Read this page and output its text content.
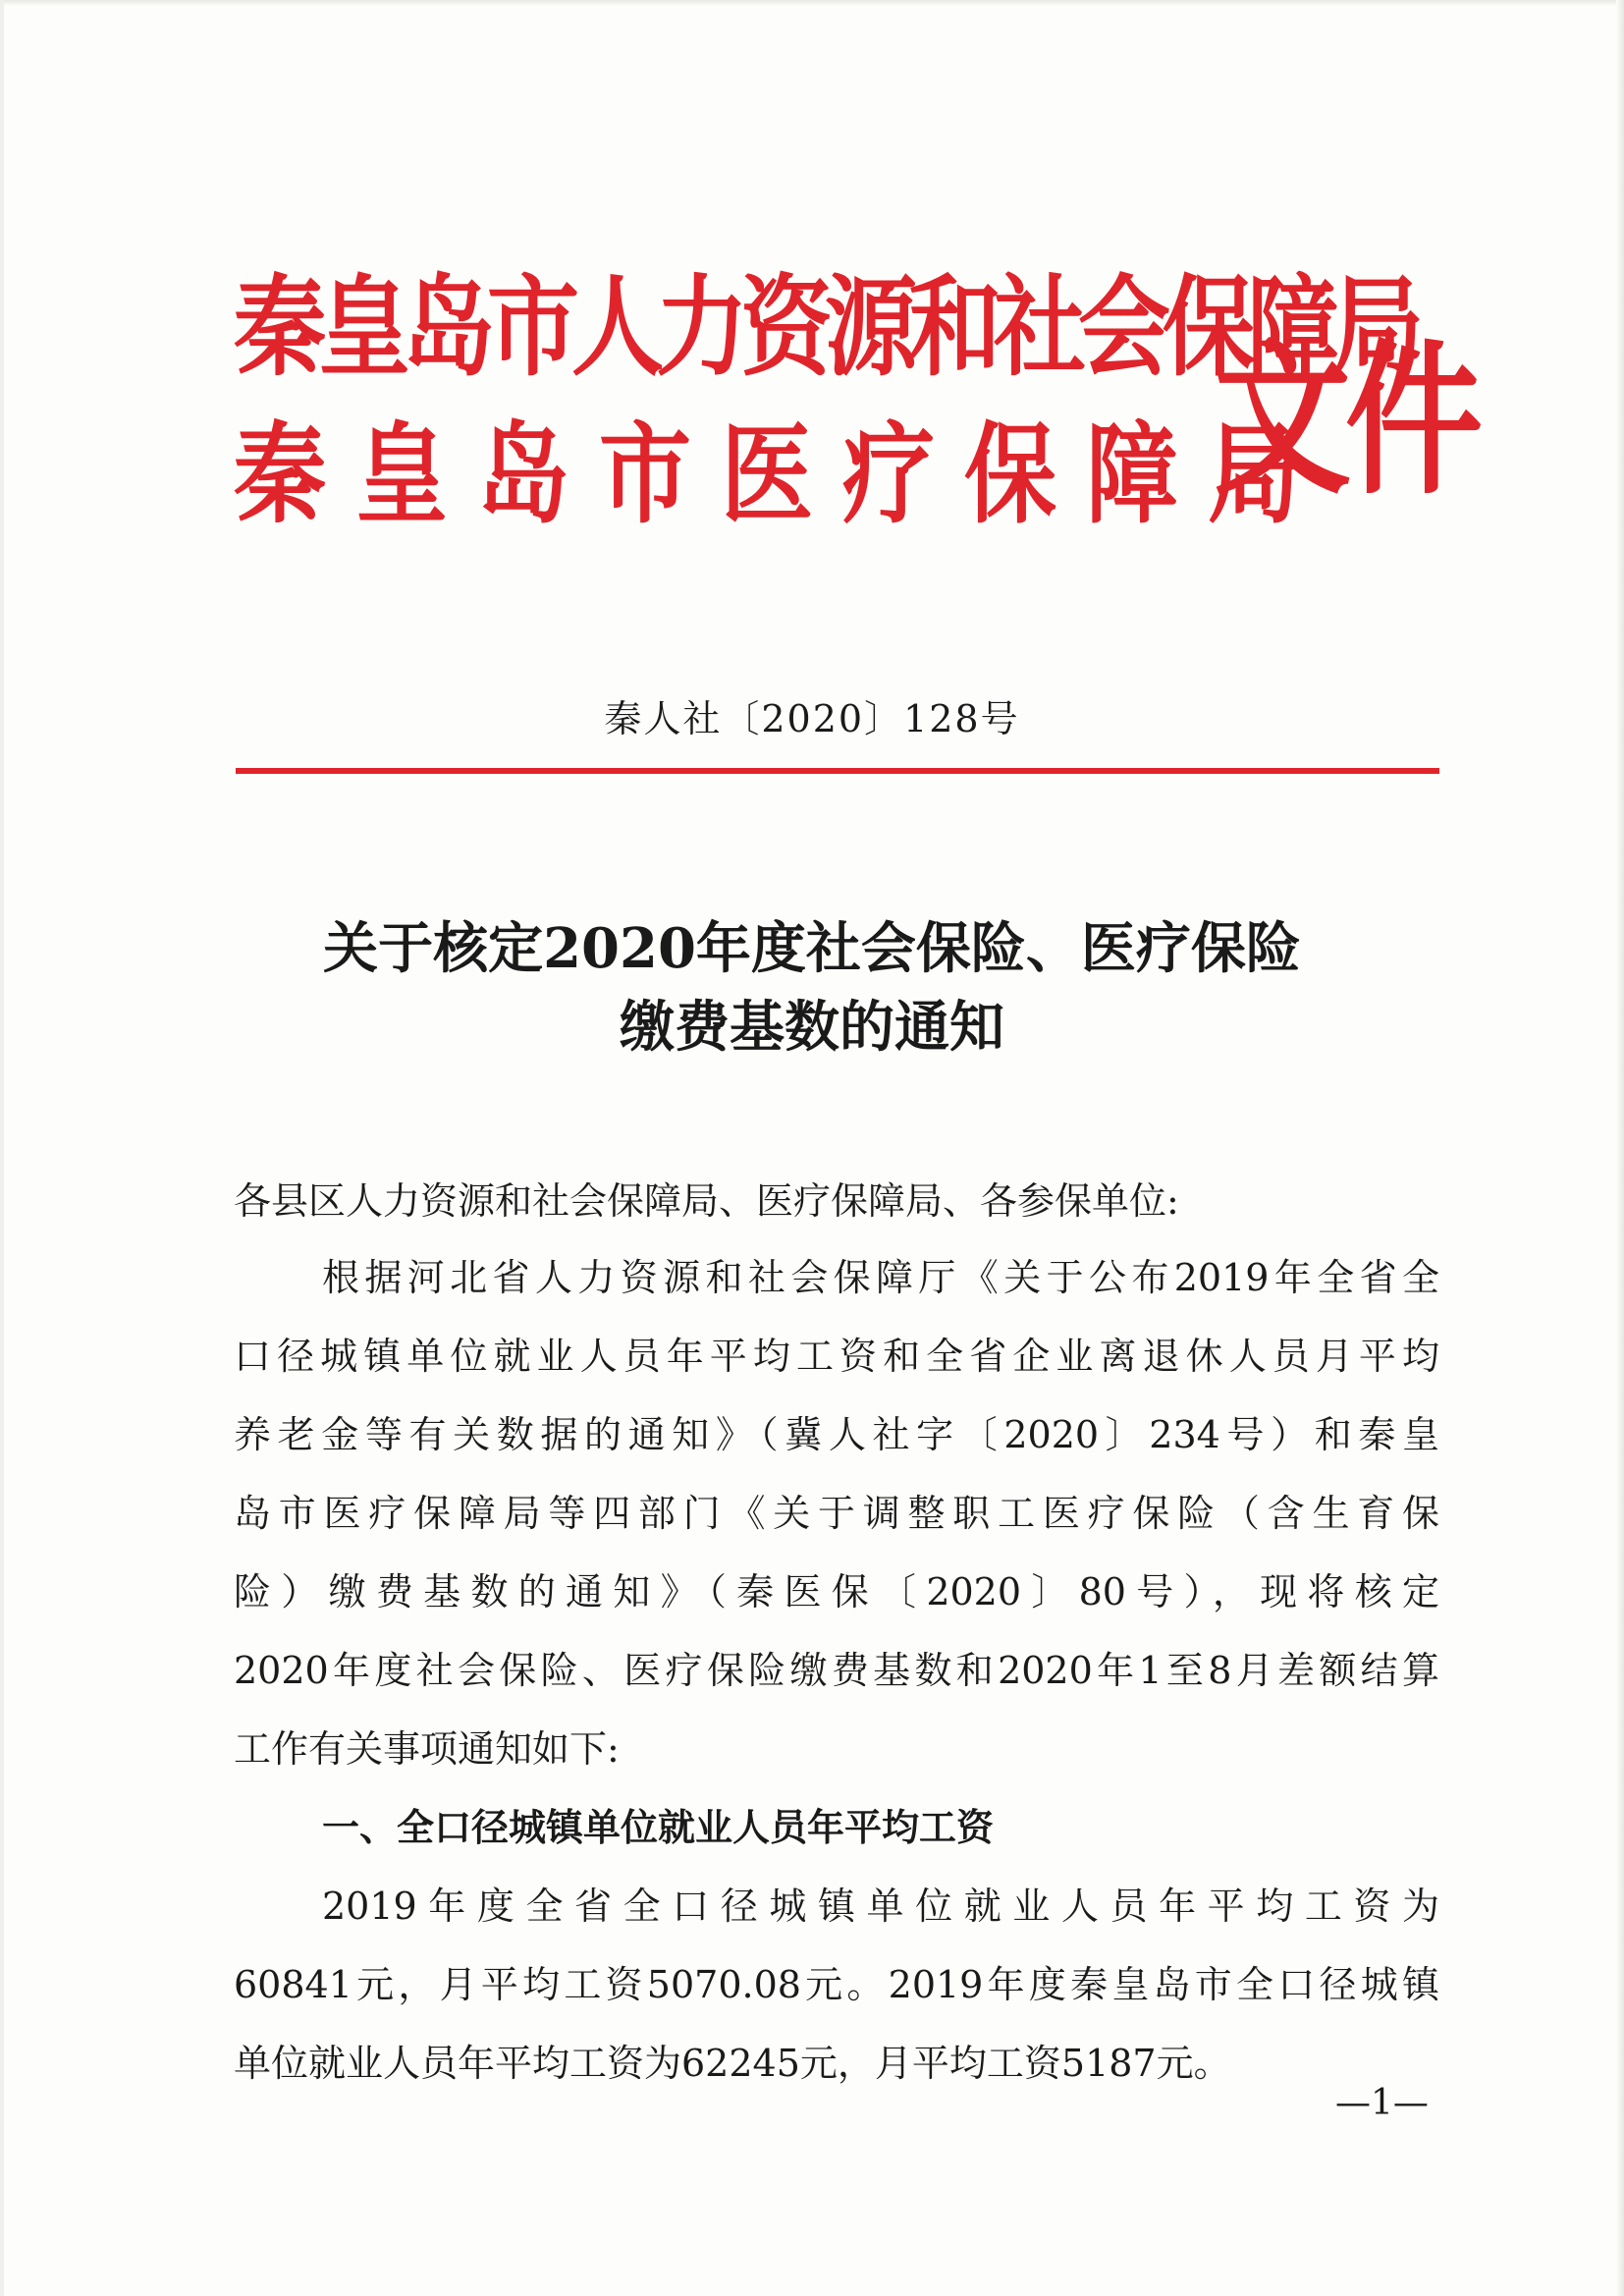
秦皇岛市人力资源和社会保障局
秦皇岛市医疗保障局
文件
秦人社〔2020〕128号
关于核定2020年度社会保险、医疗保险
缴费基数的通知
各县区人力资源和社会保障局、医疗保障局、各参保单位:
根据河北省人力资源和社会保障厅《关于公布2019年全省全
口径城镇单位就业人员年平均工资和全省企业离退休人员月平均
养老金等有关数据的通知》（冀人社字〔2020〕234号）和秦皇
岛市医疗保障局等四部门《关于调整职工医疗保险（含生育保
险）缴费基数的通知》（秦医保〔2020〕80号），现将核定
2020年度社会保险、医疗保险缴费基数和2020年1至8月差额结算
工作有关事项通知如下:
一、全口径城镇单位就业人员年平均工资
2019年度全省全口径城镇单位就业人员年平均工资为
60841元，月平均工资5070.08元。2019年度秦皇岛市全口径城镇
单位就业人员年平均工资为62245元，月平均工资5187元。
—1—
